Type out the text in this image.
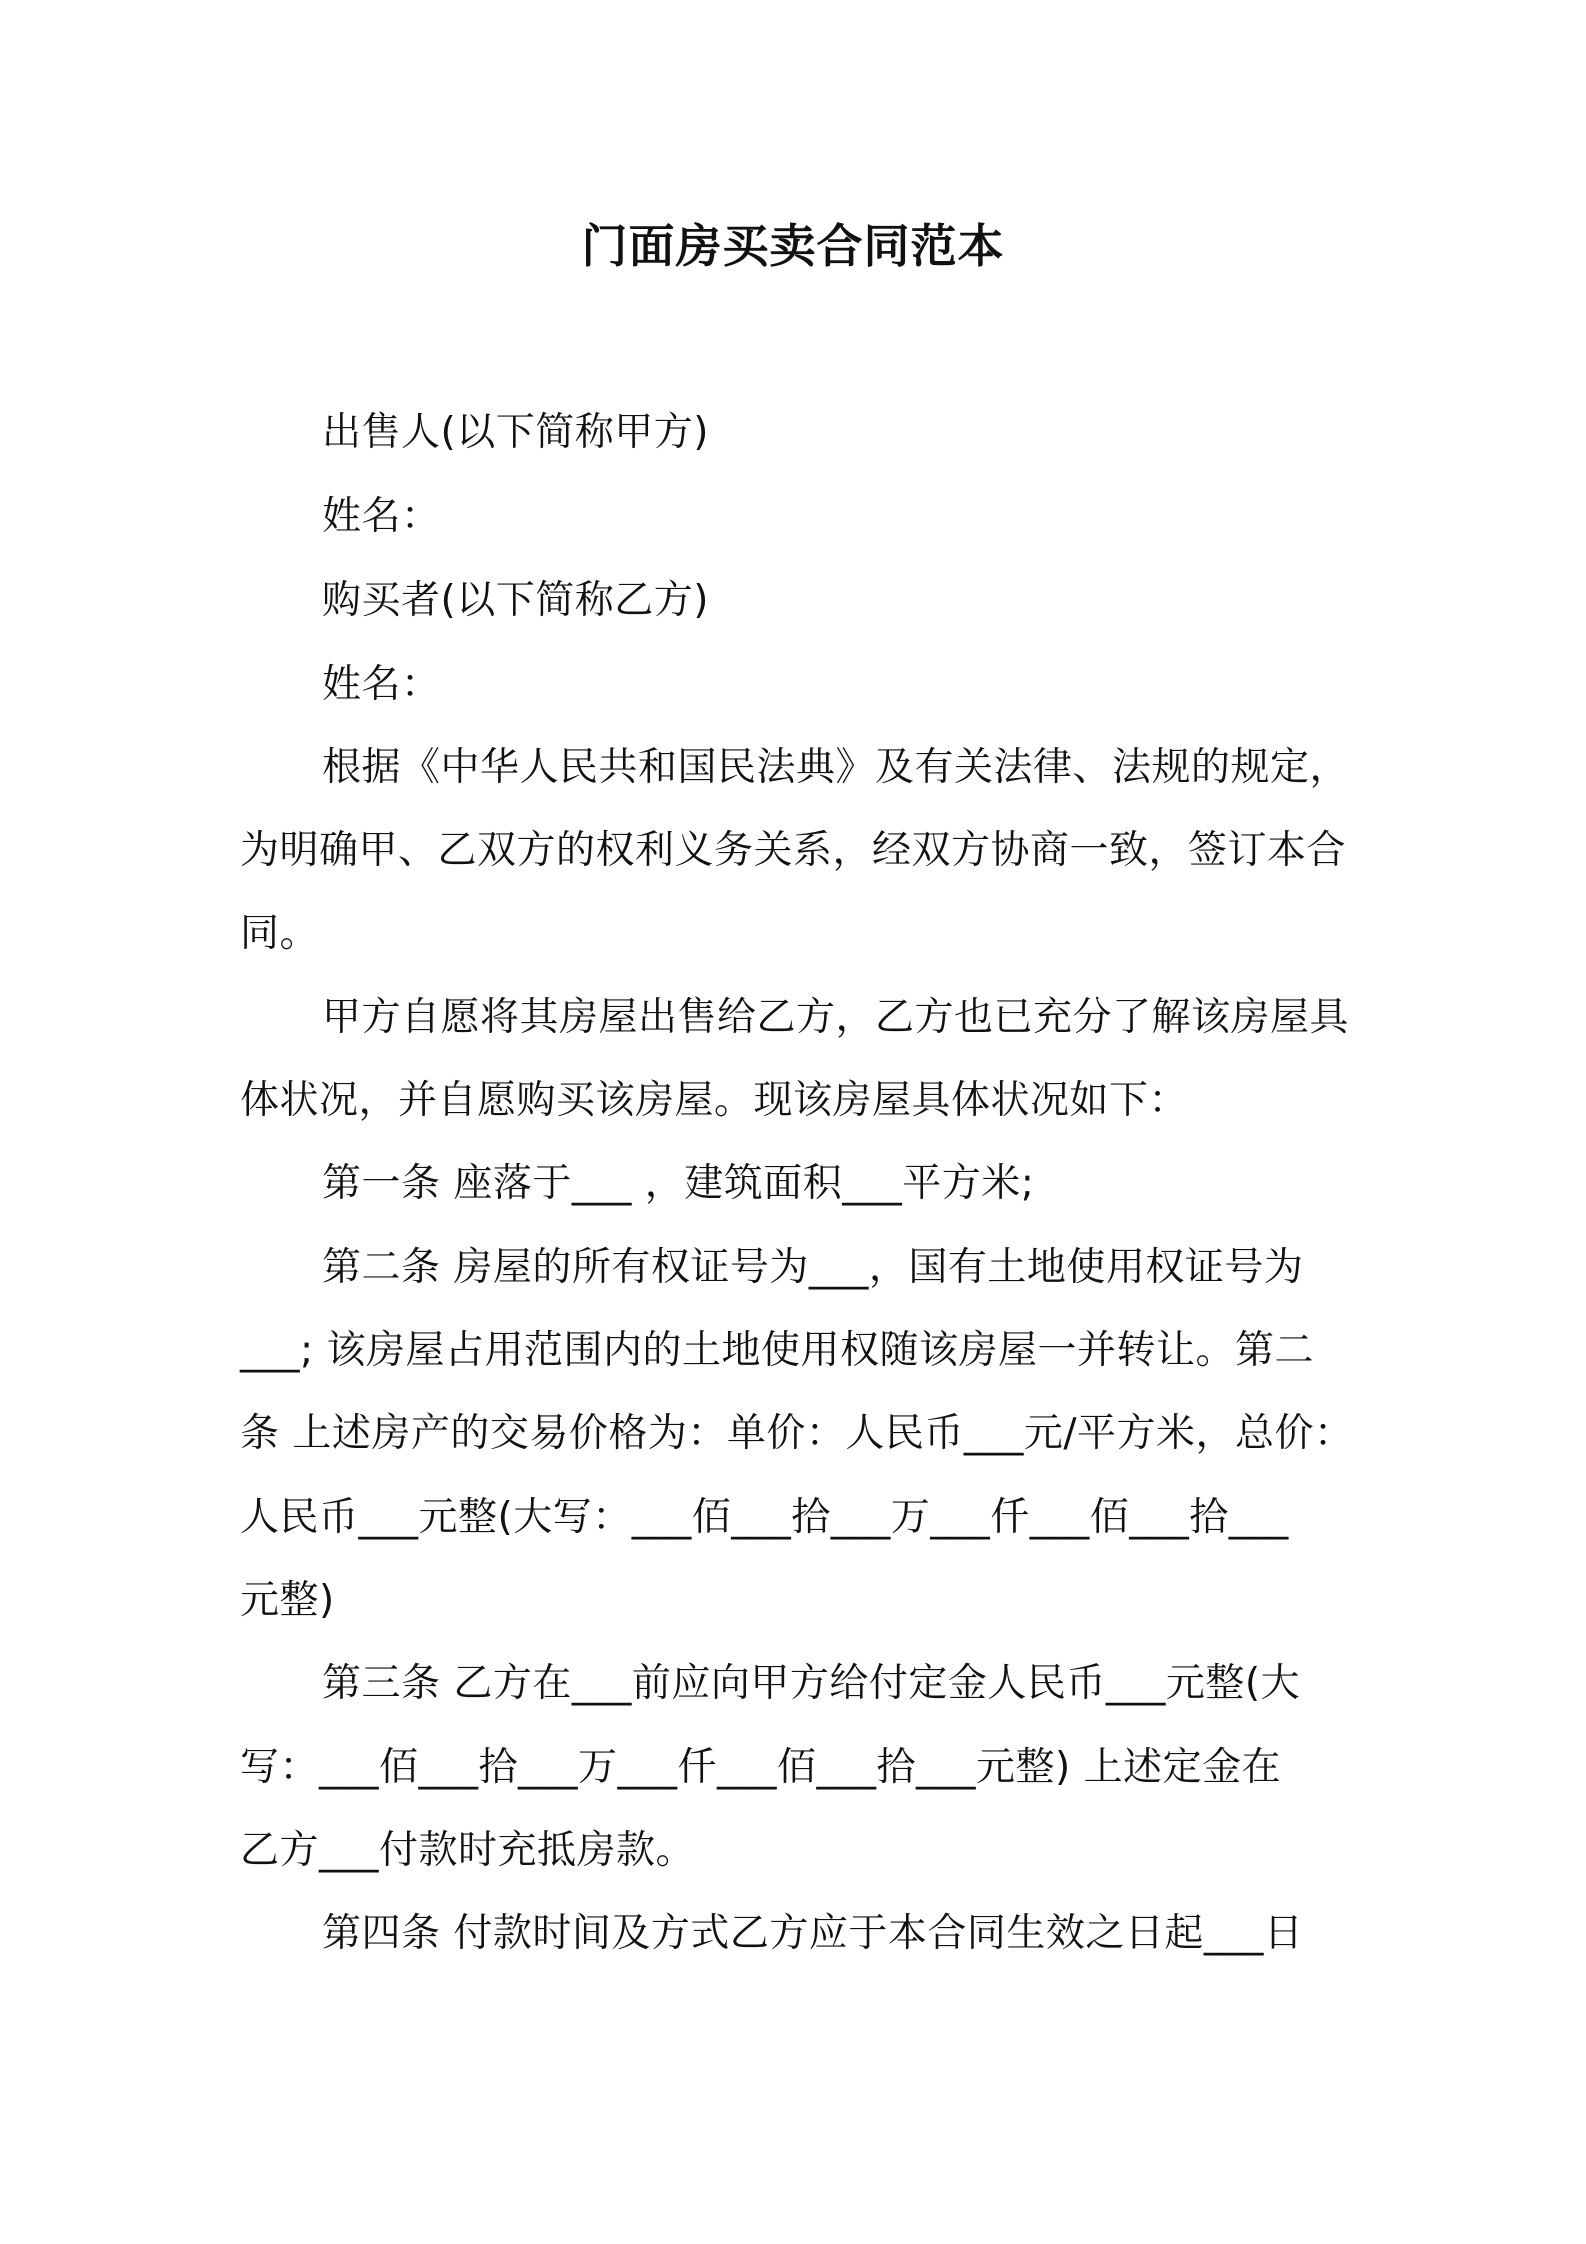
门面房买卖合同范本
出售人(以下简称甲方)
姓名：
购买者(以下简称乙方)
姓名：
根据《中华人民共和国民法典》及有关法律、法规的规定，
为明确甲、乙双方的权利义务关系，经双方协商一致，签订本合
同。
甲方自愿将其房屋出售给乙方，乙方也已充分了解该房屋具
体状况，并自愿购买该房屋。现该房屋具体状况如下：
第一条 座落于___ ，建筑面积___平方米;
第二条 房屋的所有权证号为___，国有土地使用权证号为
___; 该房屋占用范围内的土地使用权随该房屋一并转让。第二
条 上述房产的交易价格为：单价：人民币___元/平方米，总价：
人民币___元整(大写：___佰___拾___万___仟___佰___拾___
元整)
第三条 乙方在___前应向甲方给付定金人民币___元整(大
写：___佰___拾___万___仟___佰___拾___元整) 上述定金在
乙方___付款时充抵房款。
第四条 付款时间及方式乙方应于本合同生效之日起___日
